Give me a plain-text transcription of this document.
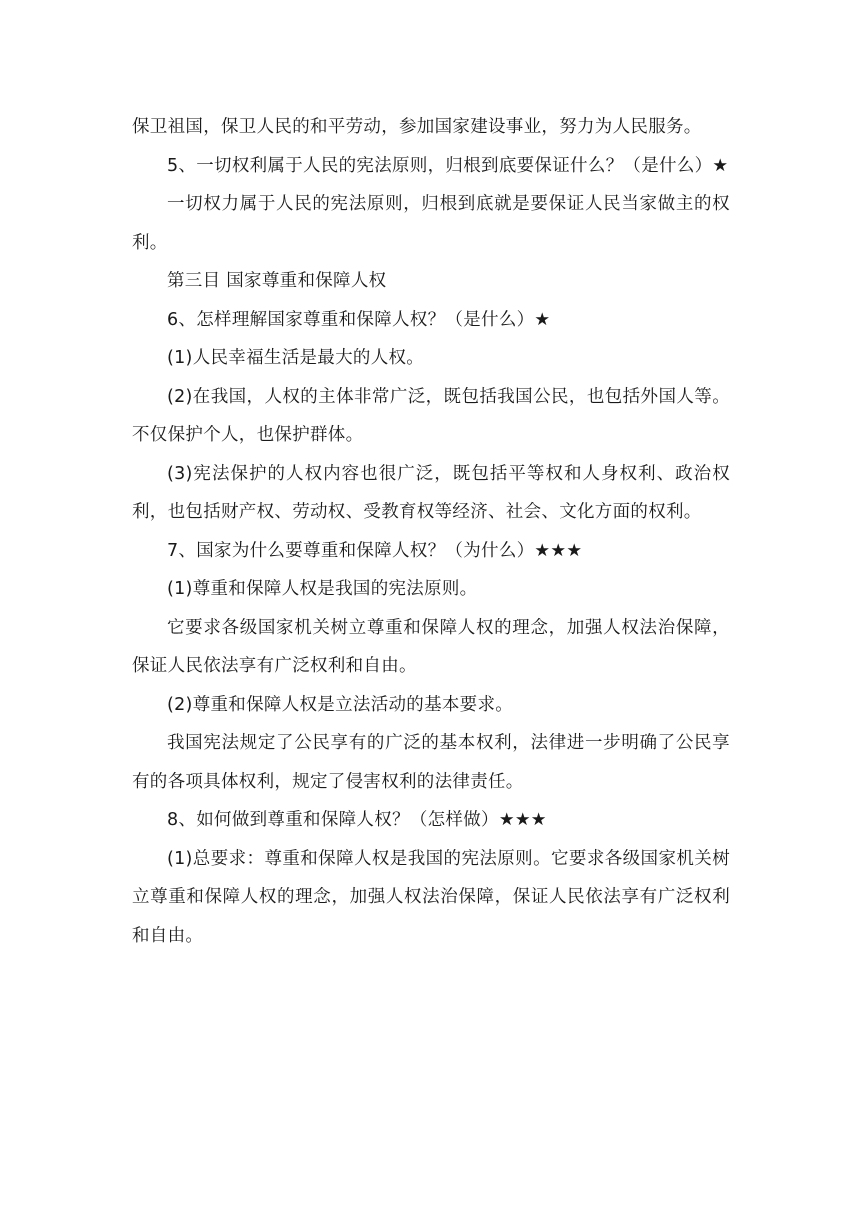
保卫祖国，保卫人民的和平劳动，参加国家建设事业，努力为人民服务。

5、一切权利属于人民的宪法原则，归根到底要保证什么？（是什么）★

一切权力属于人民的宪法原则，归根到底就是要保证人民当家做主的权利。

第三目 国家尊重和保障人权

6、怎样理解国家尊重和保障人权？（是什么）★

(1)人民幸福生活是最大的人权。

(2)在我国，人权的主体非常广泛，既包括我国公民，也包括外国人等。不仅保护个人，也保护群体。

(3)宪法保护的人权内容也很广泛，既包括平等权和人身权利、政治权利，也包括财产权、劳动权、受教育权等经济、社会、文化方面的权利。

7、国家为什么要尊重和保障人权？（为什么）★★★

(1)尊重和保障人权是我国的宪法原则。

它要求各级国家机关树立尊重和保障人权的理念，加强人权法治保障，保证人民依法享有广泛权利和自由。

(2)尊重和保障人权是立法活动的基本要求。

我国宪法规定了公民享有的广泛的基本权利，法律进一步明确了公民享有的各项具体权利，规定了侵害权利的法律责任。

8、如何做到尊重和保障人权？（怎样做）★★★

(1)总要求：尊重和保障人权是我国的宪法原则。它要求各级国家机关树立尊重和保障人权的理念，加强人权法治保障，保证人民依法享有广泛权利和自由。
